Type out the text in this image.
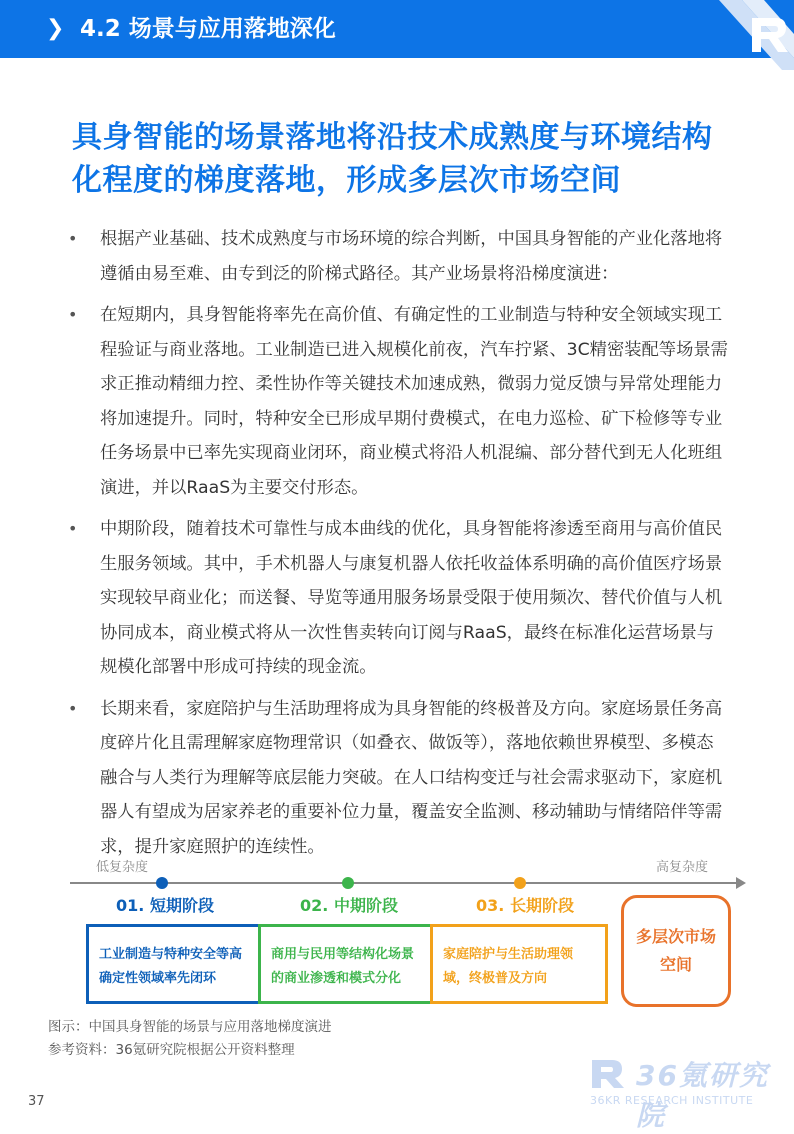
❯ 4.2 场景与应用落地深化
具身智能的场景落地将沿技术成熟度与环境结构化程度的梯度落地，形成多层次市场空间
• 根据产业基础、技术成熟度与市场环境的综合判断，中国具身智能的产业化落地将遵循由易至难、由专到泛的阶梯式路径。其产业场景将沿梯度演进：
• 在短期内，具身智能将率先在高价值、有确定性的工业制造与特种安全领域实现工程验证与商业落地。工业制造已进入规模化前夜，汽车拧紧、3C精密装配等场景需求正推动精细力控、柔性协作等关键技术加速成熟，微弱力觉反馈与异常处理能力将加速提升。同时，特种安全已形成早期付费模式，在电力巡检、矿下检修等专业任务场景中已率先实现商业闭环，商业模式将沿人机混编、部分替代到无人化班组演进，并以RaaS为主要交付形态。
• 中期阶段，随着技术可靠性与成本曲线的优化，具身智能将渗透至商用与高价值民生服务领域。其中，手术机器人与康复机器人依托收益体系明确的高价值医疗场景实现较早商业化；而送餐、导览等通用服务场景受限于使用频次、替代价值与人机协同成本，商业模式将从一次性售卖转向订阅与RaaS，最终在标准化运营场景与规模化部署中形成可持续的现金流。
• 长期来看，家庭陪护与生活助理将成为具身智能的终极普及方向。家庭场景任务高度碎片化且需理解家庭物理常识（如叠衣、做饭等），落地依赖世界模型、多模态融合与人类行为理解等底层能力突破。在人口结构变迁与社会需求驱动下，家庭机器人有望成为居家养老的重要补位力量，覆盖安全监测、移动辅助与情绪陪伴等需求，提升家庭照护的连续性。
低复杂度	高复杂度
01. 短期阶段	02. 中期阶段	03. 长期阶段
工业制造与特种安全等高确定性领域率先闭环
商用与民用等结构化场景的商业渗透和模式分化
家庭陪护与生活助理领域，终极普及方向
多层次市场空间
图示：中国具身智能的场景与应用落地梯度演进
参考资料：36氪研究院根据公开资料整理
36氪研究院
36KR RESEARCH INSTITUTE
37
